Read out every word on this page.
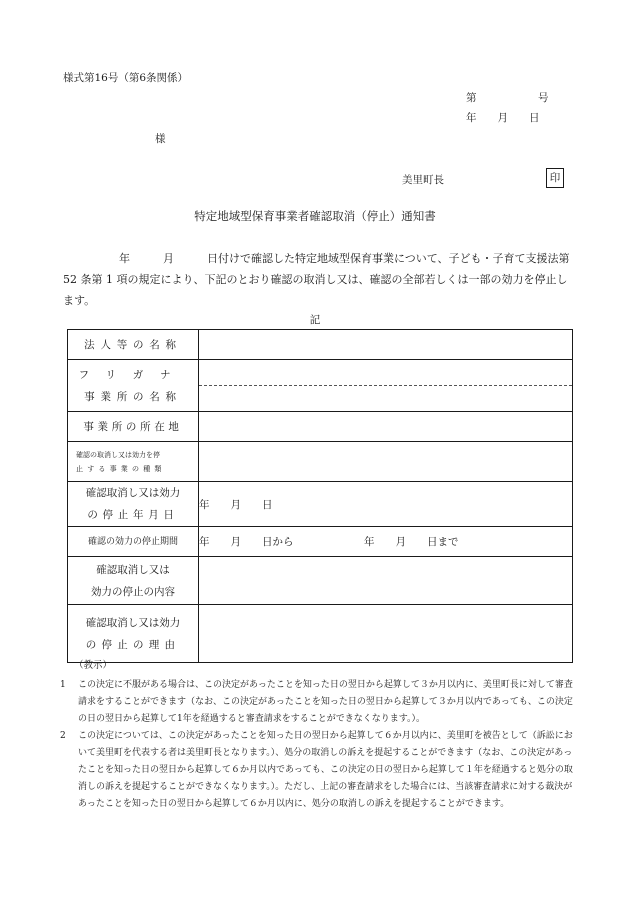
様式第16号（第6条関係）
第	号
年　　月　　日
様
美里町長	印
特定地域型保育事業者確認取消（停止）通知書
年　　　月　　　日付けで確認した特定地域型保育事業について、子ども・子育て支援法第 52 条第 1 項の規定により、下記のとおり確認の取消し又は、確認の全部若しくは一部の効力を停止します。
記
法人等の名称	

フリガナ
事業所の名称	

事業所の所在地	

確認の取消し又は効力を停
止する事業の種類	

確認取消し又は効力
の停止年月日	年　　月　　日
確認の効力の停止期間	年　　月　　日から 年　　月　　日まで

確認取消し又は
効力の停止の内容	

確認取消し又は効力
の停止の理由	

（教示）
1	この決定に不服がある場合は、この決定があったことを知った日の翌日から起算して３か月以内に、美里町長に対して審査請求をすることができます（なお、この決定があったことを知った日の翌日から起算して３か月以内であっても、この決定の日の翌日から起算して1年を経過すると審査請求をすることができなくなります。）。
2	この決定については、この決定があったことを知った日の翌日から起算して６か月以内に、美里町を被告として（訴訟において美里町を代表する者は美里町長となります。）、処分の取消しの訴えを提起することができます（なお、この決定があったことを知った日の翌日から起算して６か月以内であっても、この決定の日の翌日から起算して１年を経過すると処分の取消しの訴えを提起することができなくなります。）。ただし、上記の審査請求をした場合には、当該審査請求に対する裁決があったことを知った日の翌日から起算して６か月以内に、処分の取消しの訴えを提起することができます。
